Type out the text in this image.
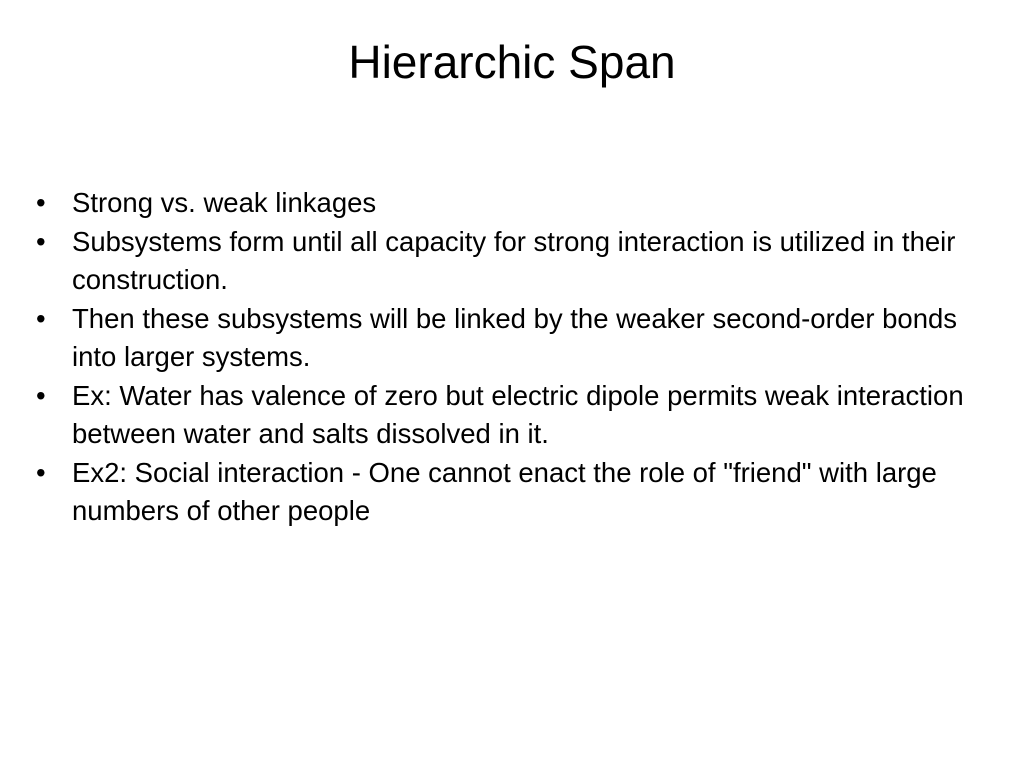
Hierarchic Span
• Strong vs. weak linkages
• Subsystems form until all capacity for strong interaction is utilized in their construction.
• Then these subsystems will be linked by the weaker second-order bonds into larger systems.
• Ex: Water has valence of zero but electric dipole permits weak interaction between water and salts dissolved in it.
• Ex2: Social interaction - One cannot enact the role of "friend" with large numbers of other people
